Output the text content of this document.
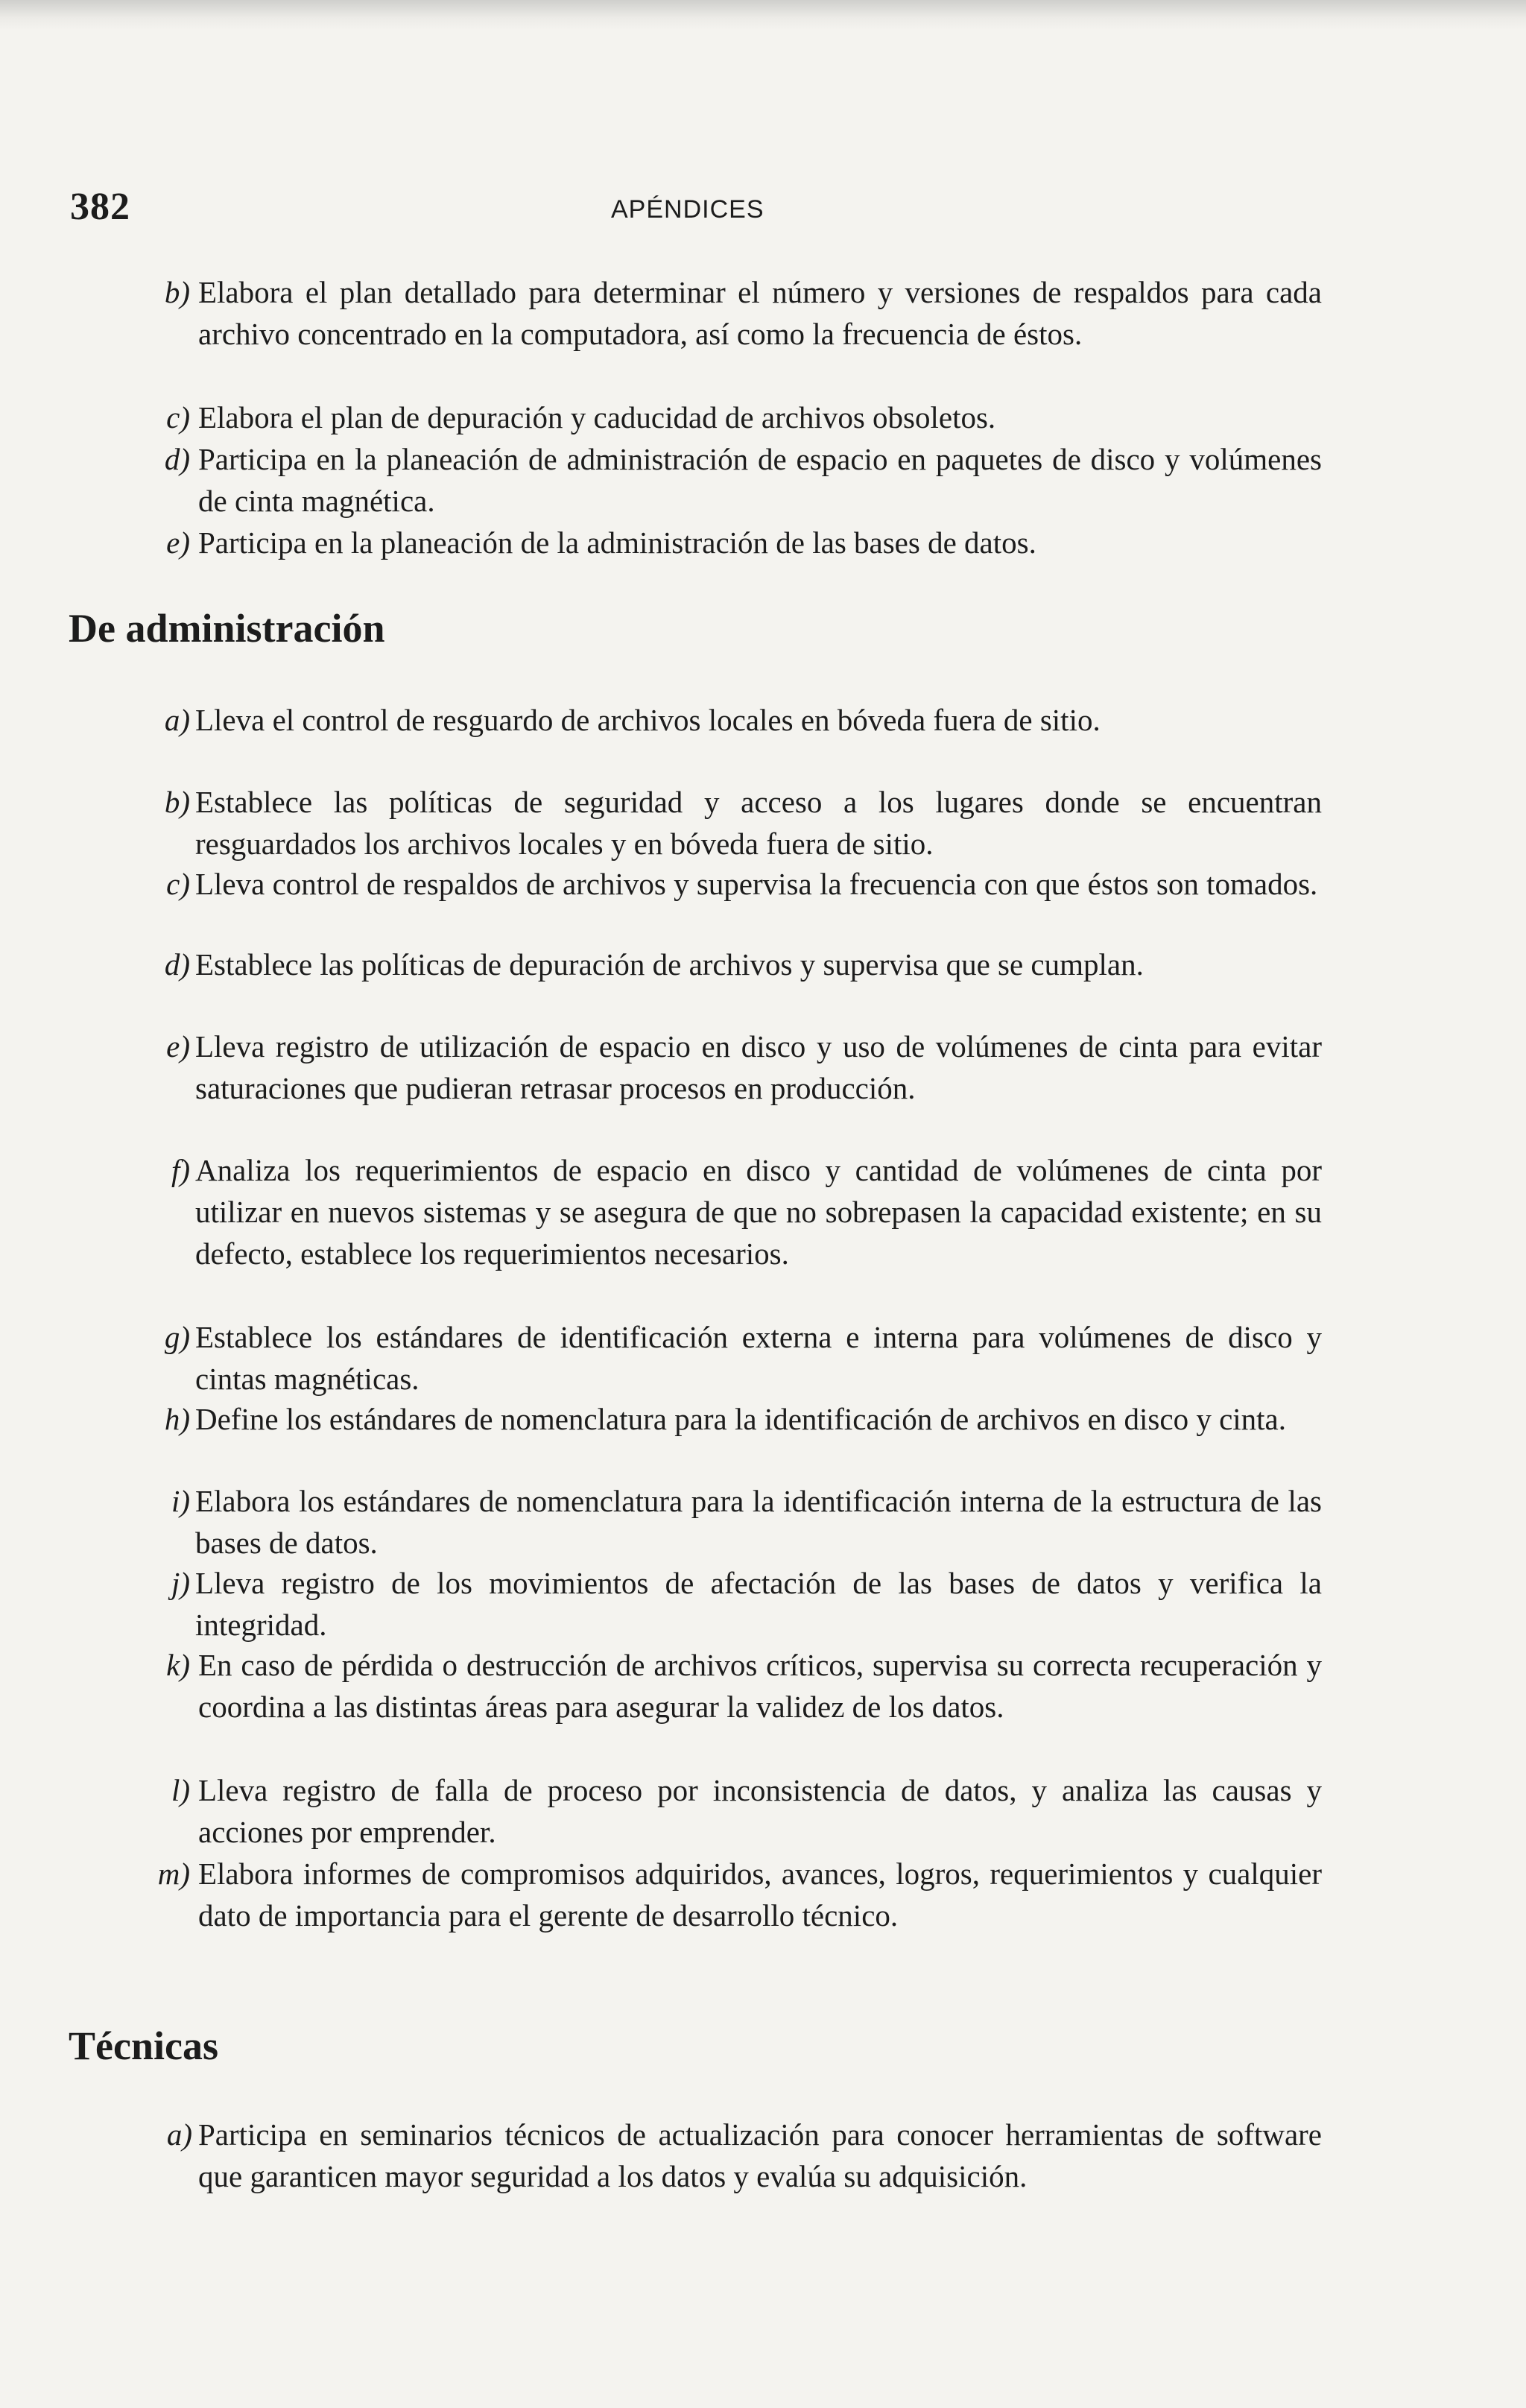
382	APÉNDICES
b) Elabora el plan detallado para determinar el número y versiones de respaldos para cada archivo concentrado en la computadora, así como la frecuencia de éstos.
c) Elabora el plan de depuración y caducidad de archivos obsoletos.
d) Participa en la planeación de administración de espacio en paquetes de disco y volúmenes de cinta magnética.
e) Participa en la planeación de la administración de las bases de datos.
De administración
a) Lleva el control de resguardo de archivos locales en bóveda fuera de sitio.
b) Establece las políticas de seguridad y acceso a los lugares donde se encuentran resguardados los archivos locales y en bóveda fuera de sitio.
c) Lleva control de respaldos de archivos y supervisa la frecuencia con que éstos son tomados.
d) Establece las políticas de depuración de archivos y supervisa que se cumplan.
e) Lleva registro de utilización de espacio en disco y uso de volúmenes de cinta para evitar saturaciones que pudieran retrasar procesos en producción.
f) Analiza los requerimientos de espacio en disco y cantidad de volúmenes de cinta por utilizar en nuevos sistemas y se asegura de que no sobrepasen la capacidad existente; en su defecto, establece los requerimientos necesarios.
g) Establece los estándares de identificación externa e interna para volúmenes de disco y cintas magnéticas.
h) Define los estándares de nomenclatura para la identificación de archivos en disco y cinta.
i) Elabora los estándares de nomenclatura para la identificación interna de la estructura de las bases de datos.
j) Lleva registro de los movimientos de afectación de las bases de datos y verifica la integridad.
k) En caso de pérdida o destrucción de archivos críticos, supervisa su correcta recuperación y coordina a las distintas áreas para asegurar la validez de los datos.
l) Lleva registro de falla de proceso por inconsistencia de datos, y analiza las causas y acciones por emprender.
m) Elabora informes de compromisos adquiridos, avances, logros, requerimientos y cualquier dato de importancia para el gerente de desarrollo técnico.
Técnicas
a) Participa en seminarios técnicos de actualización para conocer herramientas de software que garanticen mayor seguridad a los datos y evalúa su adquisición.
